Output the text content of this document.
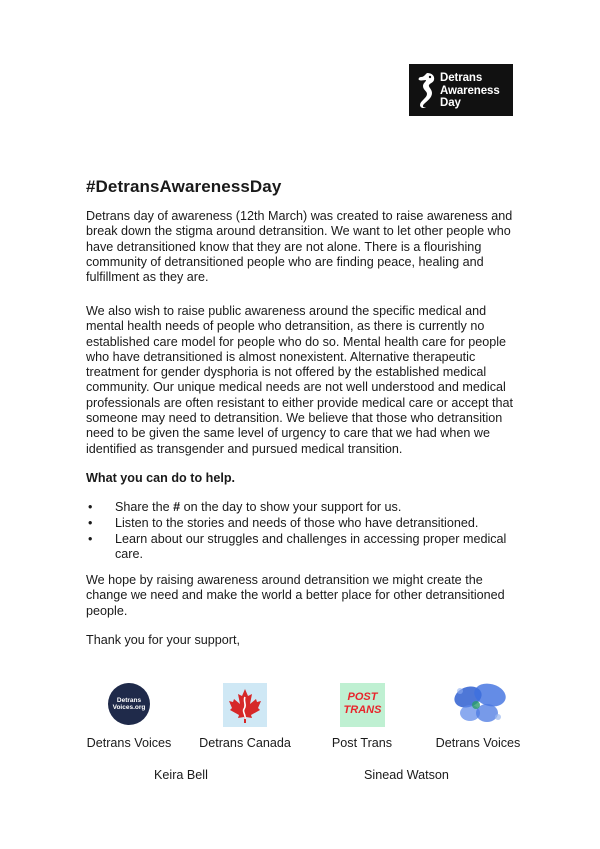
Detrans
Awareness
Day
#DetransAwarenessDay

Detrans day of awareness (12th March) was created to raise awareness and break down the stigma around detransition. We want to let other people who have detransitioned know that they are not alone. There is a flourishing community of detransitioned people who are finding peace, healing and fulfillment as they are.

We also wish to raise public awareness around the specific medical and mental health needs of people who detransition, as there is currently no established care model for people who do so. Mental health care for people who have detransitioned is almost nonexistent. Alternative therapeutic treatment for gender dysphoria is not offered by the established medical community. Our unique medical needs are not well understood and medical professionals are often resistant to either provide medical care or accept that someone may need to detransition. We believe that those who detransition need to be given the same level of urgency to care that we had when we identified as transgender and pursued medical transition.

What you can do to help.

• Share the # on the day to show your support for us.
• Listen to the stories and needs of those who have detransitioned.
• Learn about our struggles and challenges in accessing proper medical care.

We hope by raising awareness around detransition we might create the change we need and make the world a better place for other detransitioned people.

Thank you for your support,

Detrans
Voices.org
Detrans Voices	Detrans Canada
POST
TRANS
Post Trans	Detrans Voices
Keira Bell	Sinead Watson
